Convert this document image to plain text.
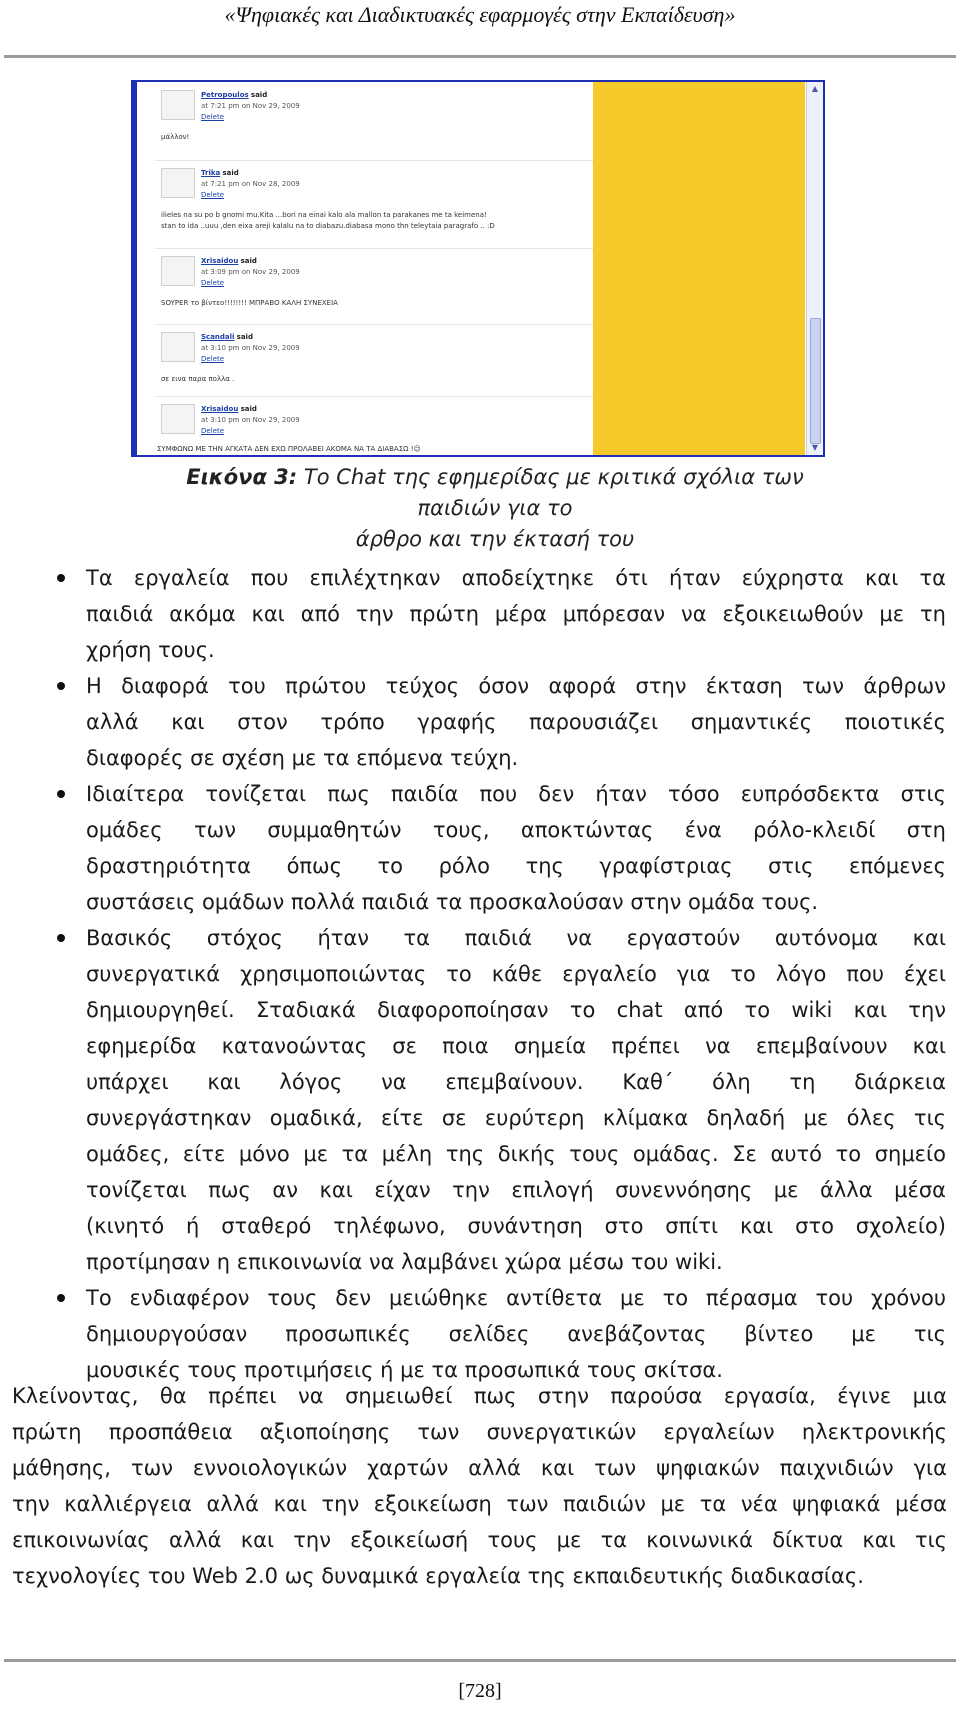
«Ψηφιακές και Διαδικτυακές εφαρμογές στην Εκπαίδευση»
Petropoulos said
at 7:21 pm on Nov 29, 2009
Delete
μάλλον!
Trika said
at 7:21 pm on Nov 28, 2009
Delete
ilieles na su po b gnomi mu.Kita ...bori na einai kalo ala mallon ta parakanes me ta keimena!
stan to ida ..uuu ,den eixa areji kalalu na to diabazu.diabasa mono thn teleytaia paragrafo .. :D
Xrisaidou said
at 3:09 pm on Nov 29, 2009
Delete
SOYPER το βίντεο!!!!!!!! ΜΠΡΑΒΟ ΚΑΛΗ ΣΥΝΕΧΕΙΑ
Scandali said
at 3:10 pm on Nov 29, 2009
Delete
σε εινα παρα πολλα .
Xrisaidou said
at 3:10 pm on Nov 29, 2009
Delete
▲
▼
ΣΥΜΦΩΝΩ ΜΕ ΤΗΝ ΑΓΚΑΤΑ ΔΕΝ ΕΧΩ ΠΡΟΛΑΒΕΙ ΑΚΟΜΑ ΝΑ ΤΑ ΔΙΑΒΑΣΩ !☺
Εικόνα 3: Το Chat της εφημερίδας με κριτικά σχόλια των παιδιών για το
άρθρο και την έκτασή του
Τα εργαλεία που επιλέχτηκαν αποδείχτηκε ότι ήταν εύχρηστα και τα
παιδιά ακόμα και από την πρώτη μέρα μπόρεσαν να εξοικειωθούν με τη
χρήση τους.
Η διαφορά του πρώτου τεύχος όσον αφορά στην έκταση των άρθρων
αλλά και στον τρόπο γραφής παρουσιάζει σημαντικές ποιοτικές
διαφορές σε σχέση με τα επόμενα τεύχη.
Ιδιαίτερα τονίζεται πως παιδία που δεν ήταν τόσο ευπρόσδεκτα στις
ομάδες των συμμαθητών τους, αποκτώντας ένα ρόλο-κλειδί στη
δραστηριότητα όπως το ρόλο της γραφίστριας στις επόμενες
συστάσεις ομάδων πολλά παιδιά τα προσκαλούσαν στην ομάδα τους.
Βασικός στόχος ήταν τα παιδιά να εργαστούν αυτόνομα και
συνεργατικά χρησιμοποιώντας το κάθε εργαλείο για το λόγο που έχει
δημιουργηθεί. Σταδιακά διαφοροποίησαν το chat από το wiki και την
εφημερίδα κατανοώντας σε ποια σημεία πρέπει να επεμβαίνουν και
υπάρχει και λόγος να επεμβαίνουν. Καθ΄ όλη τη διάρκεια
συνεργάστηκαν ομαδικά, είτε σε ευρύτερη κλίμακα δηλαδή με όλες τις
ομάδες, είτε μόνο με τα μέλη της δικής τους ομάδας. Σε αυτό το σημείο
τονίζεται πως αν και είχαν την επιλογή συνεννόησης με άλλα μέσα
(κινητό ή σταθερό τηλέφωνο, συνάντηση στο σπίτι και στο σχολείο)
προτίμησαν η επικοινωνία να λαμβάνει χώρα μέσω του wiki.
Το ενδιαφέρον τους δεν μειώθηκε αντίθετα με το πέρασμα του χρόνου
δημιουργούσαν προσωπικές σελίδες ανεβάζοντας βίντεο με τις
μουσικές τους προτιμήσεις ή με τα προσωπικά τους σκίτσα.
Κλείνοντας, θα πρέπει να σημειωθεί πως στην παρούσα εργασία, έγινε μια
πρώτη προσπάθεια αξιοποίησης των συνεργατικών εργαλείων ηλεκτρονικής
μάθησης, των εννοιολογικών χαρτών αλλά και των ψηφιακών παιχνιδιών για
την καλλιέργεια αλλά και την εξοικείωση των παιδιών με τα νέα ψηφιακά μέσα
επικοινωνίας αλλά και την εξοικείωσή τους με τα κοινωνικά δίκτυα και τις
τεχνολογίες του Web 2.0 ως δυναμικά εργαλεία της εκπαιδευτικής διαδικασίας.
[728]
